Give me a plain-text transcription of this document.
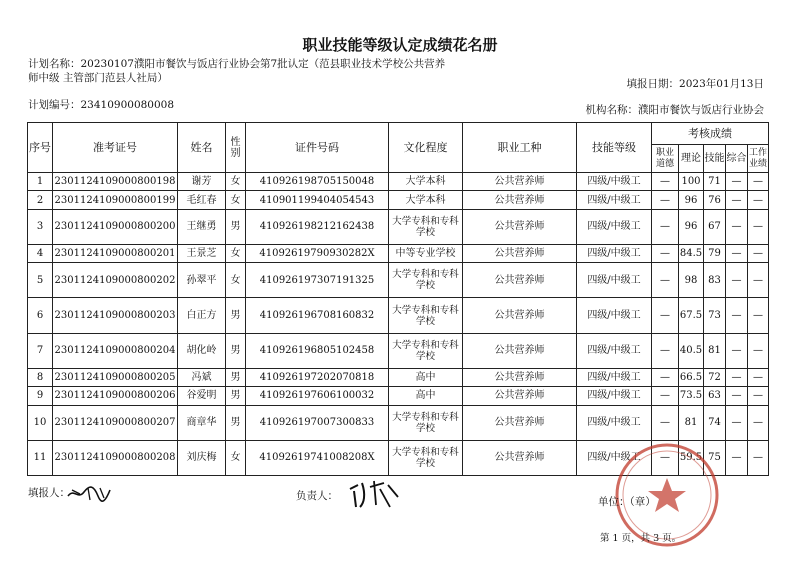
职业技能等级认定成绩花名册
计划名称：20230107濮阳市餐饮与饭店行业协会第7批认定（范县职业技术学校公共营养师中级 主管部门范县人社局）	填报日期：2023年01月13日
计划编号：23410900080008	机构名称：濮阳市餐饮与饭店行业协会
序号	准考证号	姓名	性别	证件号码	文化程度	职业工种	技能等级	考核成绩				
								职业道德	理论	技能	综合	工作业绩
1	2301124109000800198	谢芳	女	410926198705150048	大学本科	公共营养师	四级/中级工	—	100	71	—	—
2	2301124109000800199	毛红春	女	410901199404054543	大学本科	公共营养师	四级/中级工	—	96	76	—	—
3	2301124109000800200	王继勇	男	410926198212162438	大学专科和专科学校	公共营养师	四级/中级工	—	96	67	—	—
4	2301124109000800201	王景芝	女	41092619790930282X	中等专业学校	公共营养师	四级/中级工	—	84.5	79	—	—
5	2301124109000800202	孙翠平	女	410926197307191325	大学专科和专科学校	公共营养师	四级/中级工	—	98	83	—	—
6	2301124109000800203	白正方	男	410926196708160832	大学专科和专科学校	公共营养师	四级/中级工	—	67.5	73	—	—
7	2301124109000800204	胡化岭	男	410926196805102458	大学专科和专科学校	公共营养师	四级/中级工	—	40.5	81	—	—
8	2301124109000800205	冯斌	男	410926197202070818	高中	公共营养师	四级/中级工	—	66.5	72	—	—
9	2301124109000800206	谷爱明	男	410926197606100032	高中	公共营养师	四级/中级工	—	73.5	63	—	—
10	2301124109000800207	商章华	男	410926197007300833	大学专科和专科学校	公共营养师	四级/中级工	—	81	74	—	—
11	2301124109000800208	刘庆梅	女	41092619741008208X	大学专科和专科学校	公共营养师	四级/中级工	—	59.5	75	—	—
填报人：	负责人：	单位：（章）
第 1 页，共 3 页。
